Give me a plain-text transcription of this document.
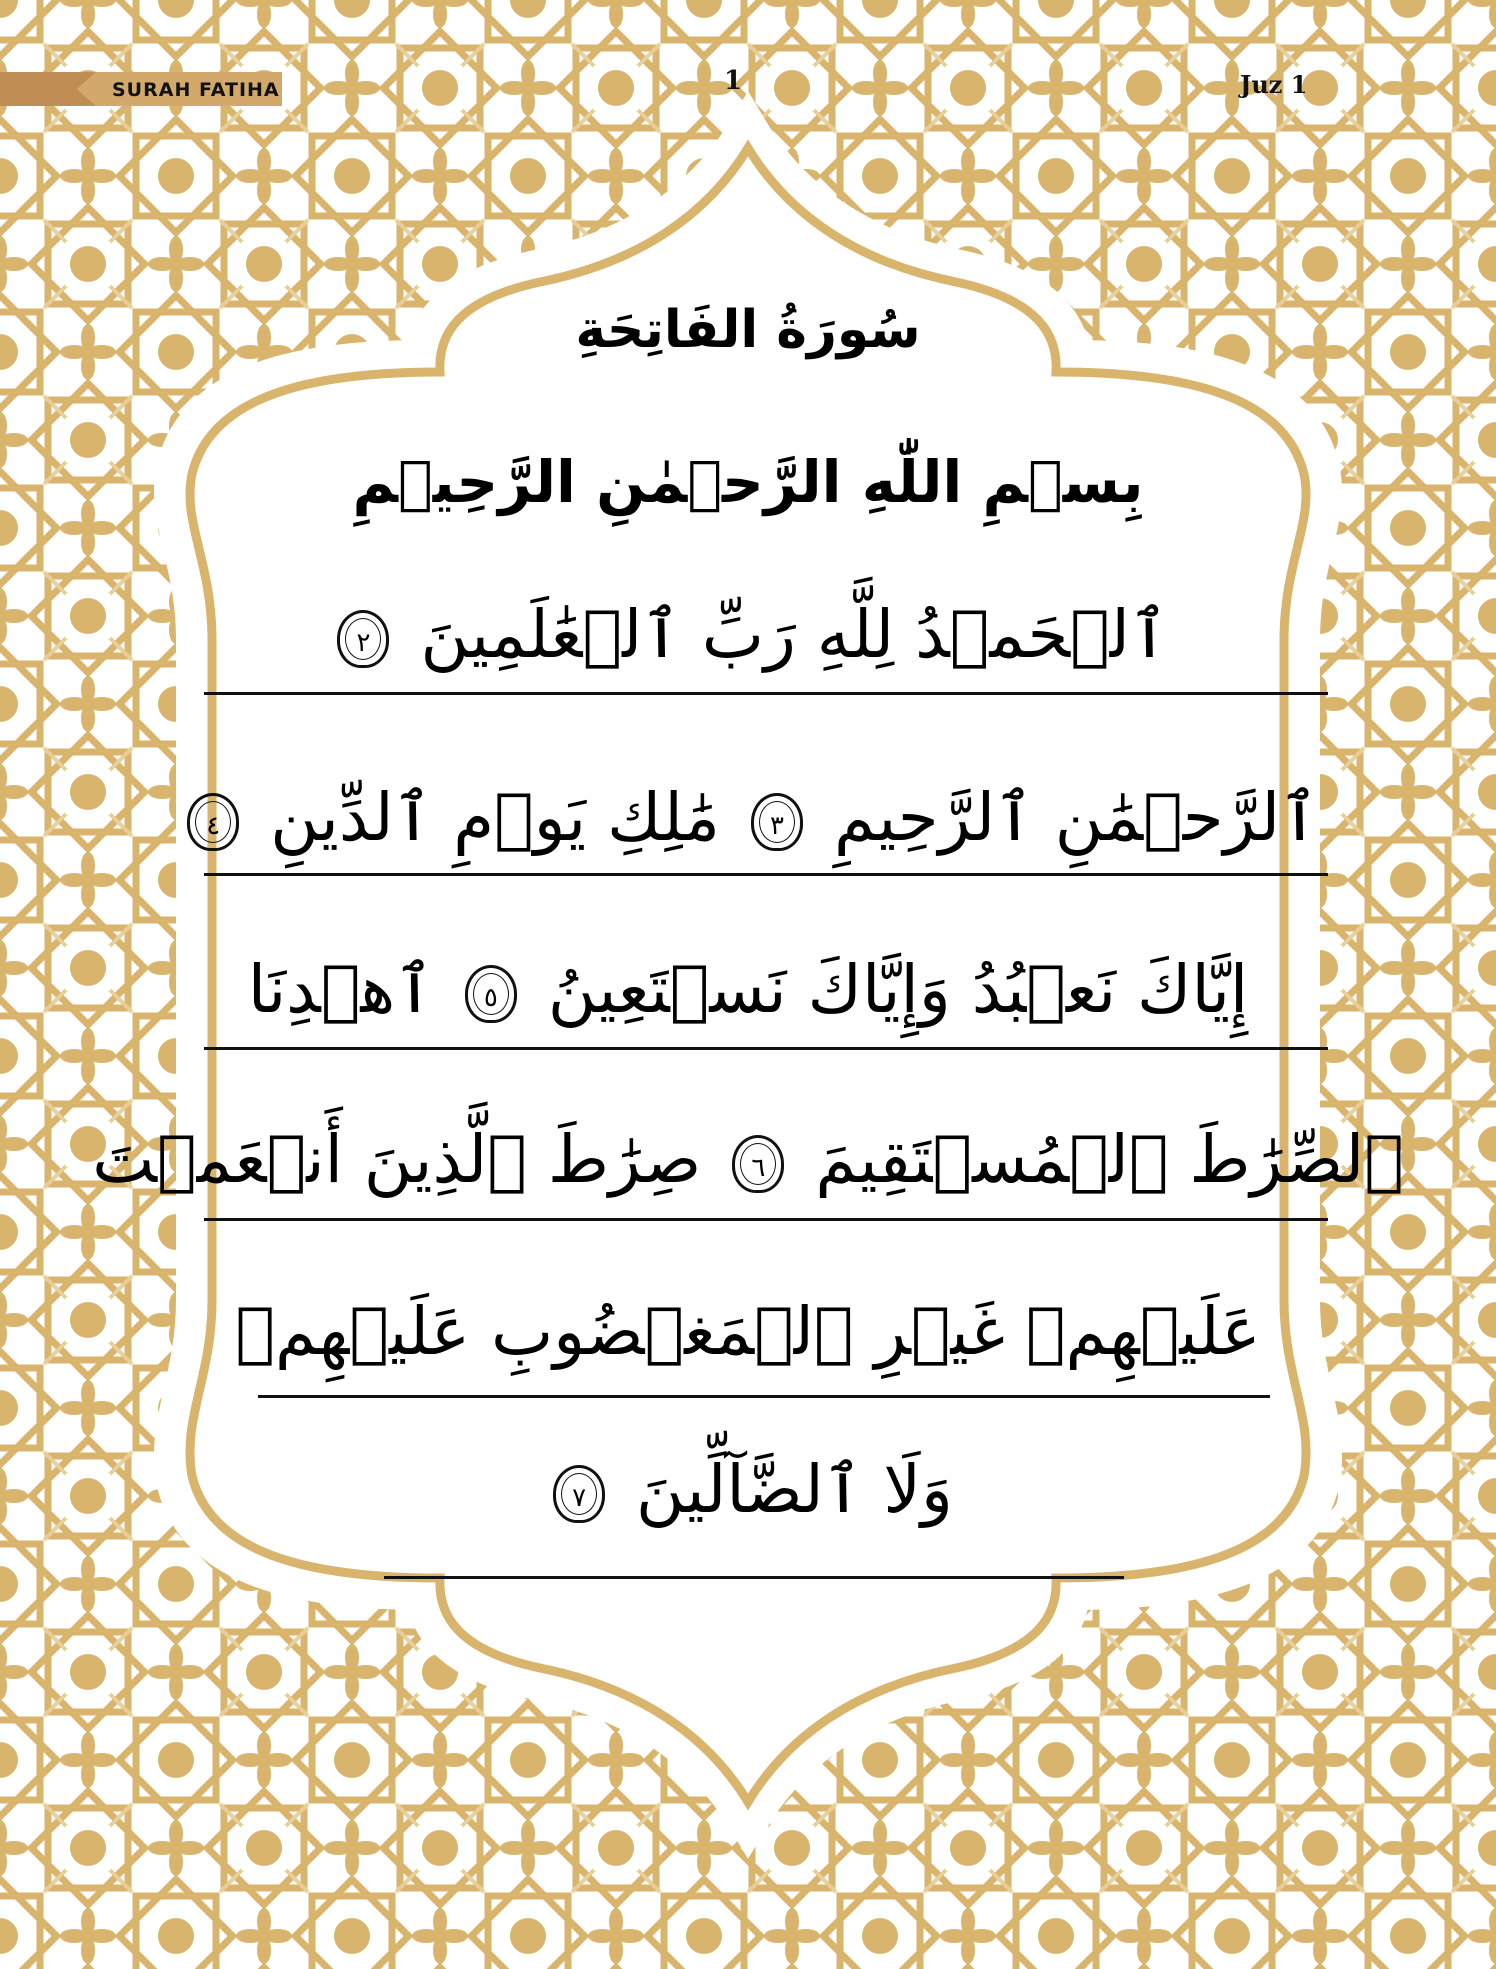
SURAH FATIHA	1	Juz 1
سُورَةُ الفَاتِحَةِ
بِسۡمِ اللّٰهِ الرَّحۡمٰنِ الرَّحِيۡمِ
ٱلۡحَمۡدُ لِلَّهِ رَبِّ ٱلۡعَٰلَمِينَ ٢
ٱلرَّحۡمَٰنِ ٱلرَّحِيمِ ٣ مَٰلِكِ يَوۡمِ ٱلدِّينِ ٤
إِيَّاكَ نَعۡبُدُ وَإِيَّاكَ نَسۡتَعِينُ ٥ ٱهۡدِنَا
ٱلصِّرَٰطَ ٱلۡمُسۡتَقِيمَ ٦ صِرَٰطَ ٱلَّذِينَ أَنۡعَمۡتَ
عَلَيۡهِمۡ غَيۡرِ ٱلۡمَغۡضُوبِ عَلَيۡهِمۡ
وَلَا ٱلضَّآلِّينَ ٧
